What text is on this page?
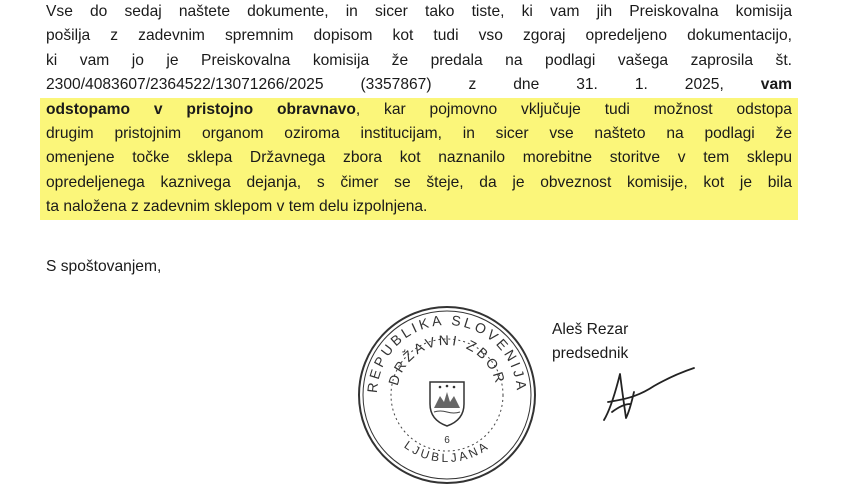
Vse do sedaj naštete dokumente, in sicer tako tiste, ki vam jih Preiskovalna komisija
pošilja z zadevnim spremnim dopisom kot tudi vso zgoraj opredeljeno dokumentacijo,
ki vam jo je Preiskovalna komisija že predala na podlagi vašega zaprosila št.
2300/4083607/2364522/13071266/2025 (3357867) z dne 31. 1. 2025, vam
odstopamo v pristojno obravnavo, kar pojmovno vključuje tudi možnost odstopa
drugim pristojnim organom oziroma institucijam, in sicer vse našteto na podlagi že
omenjene točke sklepa Državnega zbora kot naznanilo morebitne storitve v tem sklepu
opredeljenega kaznivega dejanja, s čimer se šteje, da je obveznost komisije, kot je bila
ta naložena z zadevnim sklepom v tem delu izpolnjena.
S spoštovanjem,
Aleš Rezar
predsednik
REPUBLIKA SLOVENIJA
DRŽAVNI ZBOR
LJUBLJANA
6
